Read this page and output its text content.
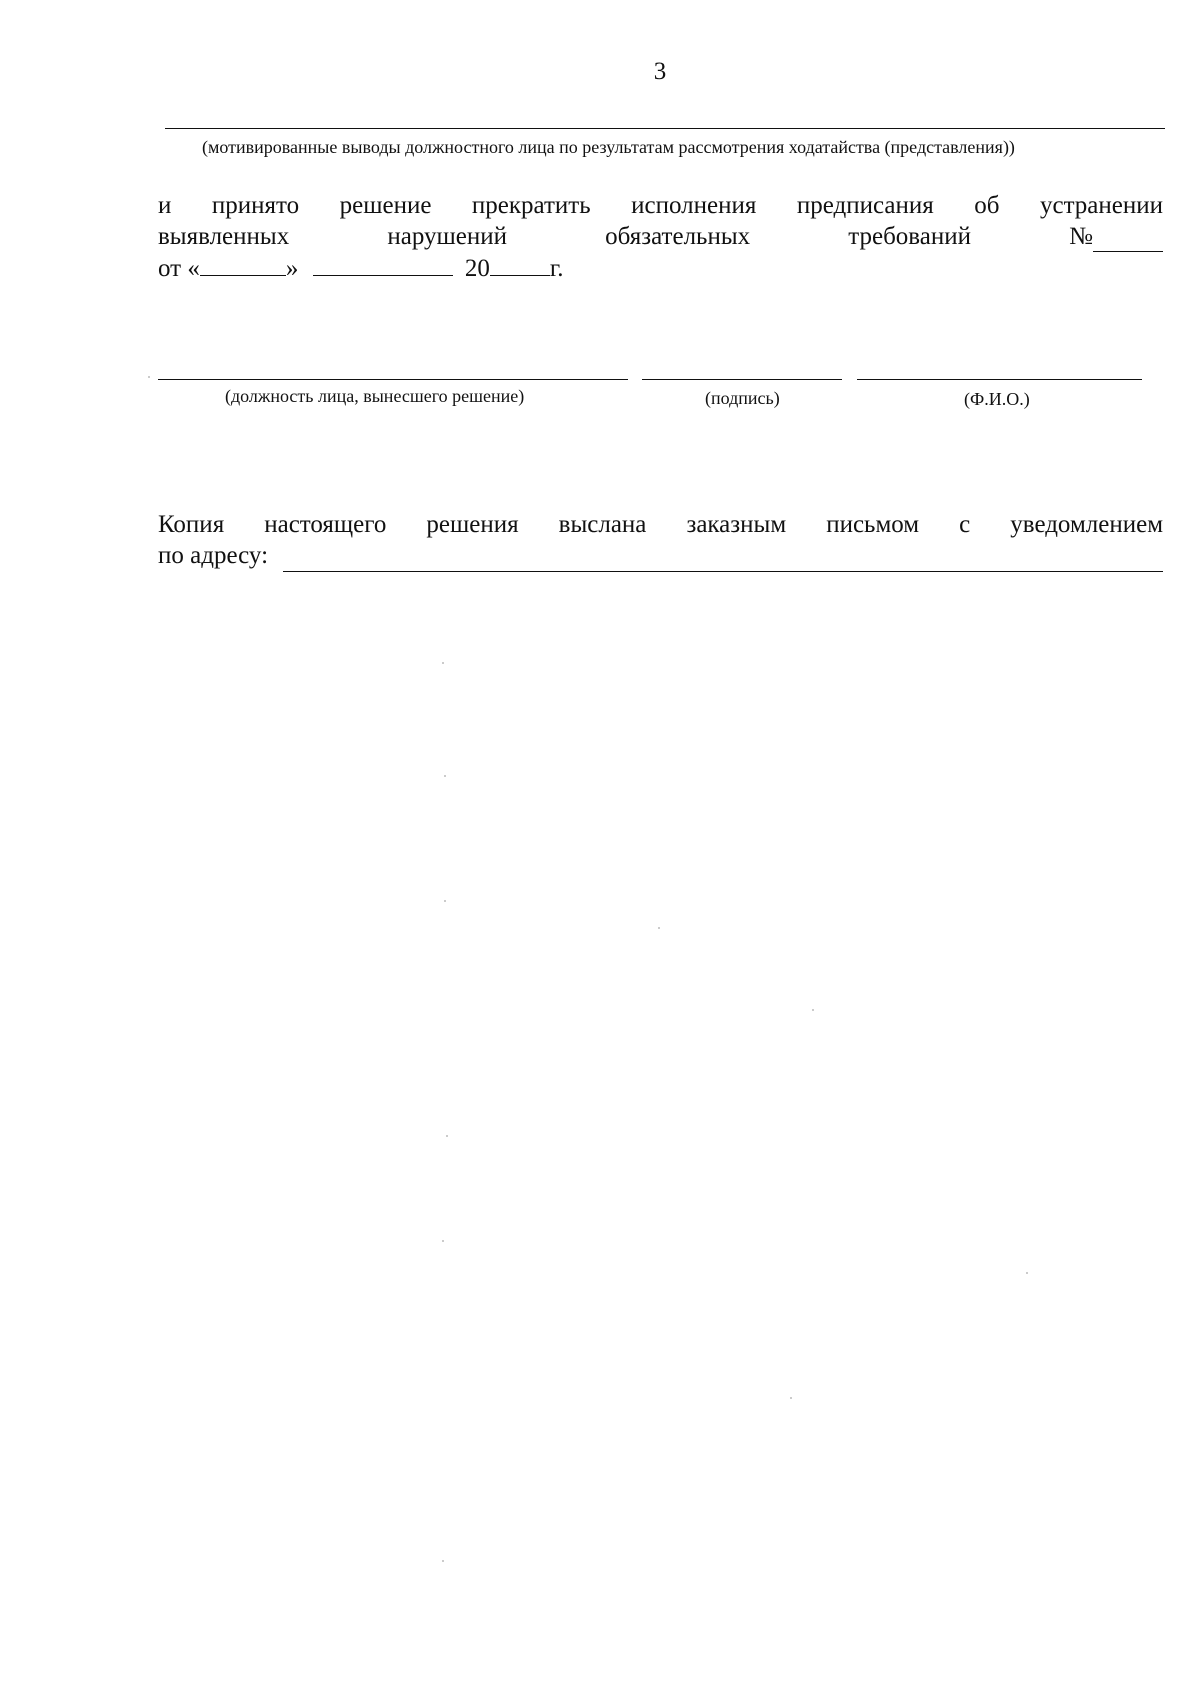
3
(мотивированные выводы должностного лица по результатам рассмотрения ходатайства (представления))
и принято решение прекратить исполнения предписания об устранении
выявленных	нарушений	обязательных	требований	№
от «	»	20 г.
(должность лица, вынесшего решение)	(подпись)	(Ф.И.О.)
Копия настоящего решения выслана заказным письмом с уведомлением
по адресу:
